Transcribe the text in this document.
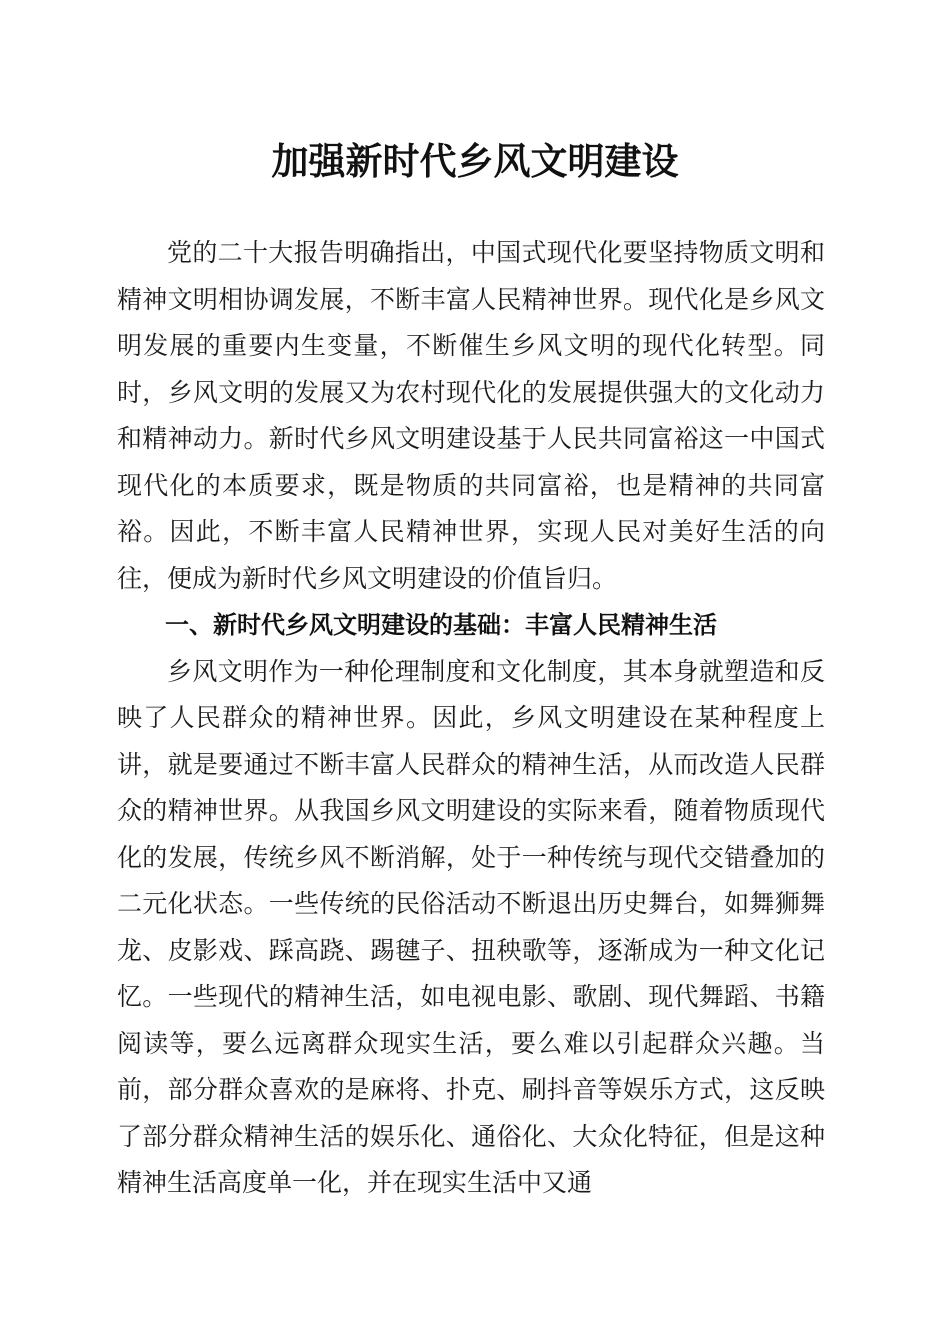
加强新时代乡风文明建设

党的二十大报告明确指出，中国式现代化要坚持物质文明和精神文明相协调发展，不断丰富人民精神世界。现代化是乡风文明发展的重要内生变量，不断催生乡风文明的现代化转型。同时，乡风文明的发展又为农村现代化的发展提供强大的文化动力和精神动力。新时代乡风文明建设基于人民共同富裕这一中国式现代化的本质要求，既是物质的共同富裕，也是精神的共同富裕。因此，不断丰富人民精神世界，实现人民对美好生活的向往，便成为新时代乡风文明建设的价值旨归。

一、新时代乡风文明建设的基础：丰富人民精神生活

乡风文明作为一种伦理制度和文化制度，其本身就塑造和反映了人民群众的精神世界。因此，乡风文明建设在某种程度上讲，就是要通过不断丰富人民群众的精神生活，从而改造人民群众的精神世界。从我国乡风文明建设的实际来看，随着物质现代化的发展，传统乡风不断消解，处于一种传统与现代交错叠加的二元化状态。一些传统的民俗活动不断退出历史舞台，如舞狮舞龙、皮影戏、踩高跷、踢毽子、扭秧歌等，逐渐成为一种文化记忆。一些现代的精神生活，如电视电影、歌剧、现代舞蹈、书籍阅读等，要么远离群众现实生活，要么难以引起群众兴趣。当前，部分群众喜欢的是麻将、扑克、刷抖音等娱乐方式，这反映了部分群众精神生活的娱乐化、通俗化、大众化特征，但是这种精神生活高度单一化，并在现实生活中又通
